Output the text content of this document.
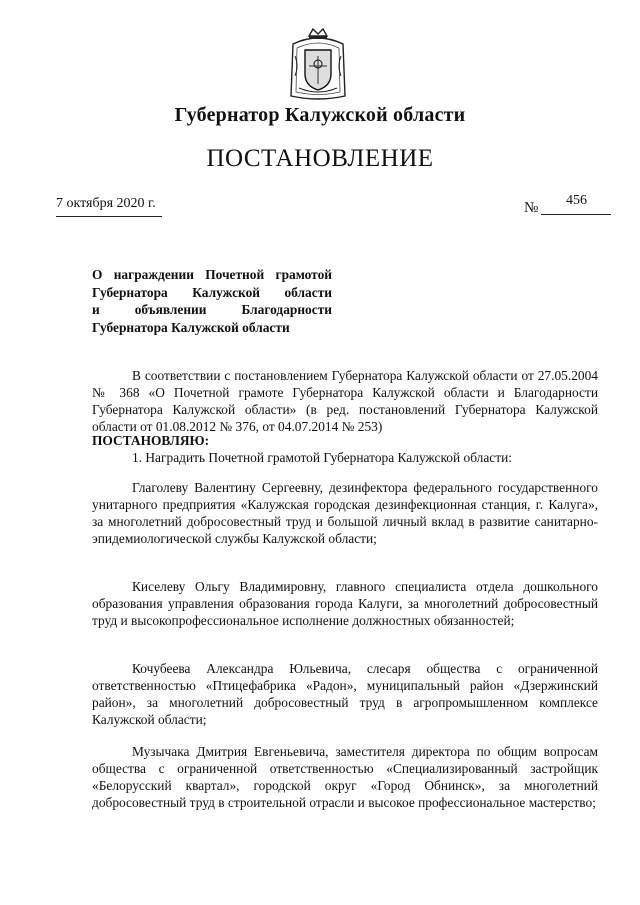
Губернатор Калужской области
ПОСТАНОВЛЕНИЕ
7 октября 2020 г.	№ 456
О награждении Почетной грамотой
Губернатора Калужской области
и объявлении Благодарности
Губернатора Калужской области
В соответствии с постановлением Губернатора Калужской области от 27.05.2004 № 368 «О Почетной грамоте Губернатора Калужской области и Благодарности Губернатора Калужской области» (в ред. постановлений Губернатора Калужской области от 01.08.2012 № 376, от 04.07.2014 № 253)
ПОСТАНОВЛЯЮ:
1. Наградить Почетной грамотой Губернатора Калужской области:
Глаголеву Валентину Сергеевну, дезинфектора федерального государственного унитарного предприятия «Калужская городская дезинфекционная станция, г. Калуга», за многолетний добросовестный труд и большой личный вклад в развитие санитарно-эпидемиологической службы Калужской области;
Киселеву Ольгу Владимировну, главного специалиста отдела дошкольного образования управления образования города Калуги, за многолетний добросовестный труд и высокопрофессиональное исполнение должностных обязанностей;
Кочубеева Александра Юльевича, слесаря общества с ограниченной ответственностью «Птицефабрика «Радон», муниципальный район «Дзержинский район», за многолетний добросовестный труд в агропромышленном комплексе Калужской области;
Музычака Дмитрия Евгеньевича, заместителя директора по общим вопросам общества с ограниченной ответственностью «Специализированный застройщик «Белорусский квартал», городской округ «Город Обнинск», за многолетний добросовестный труд в строительной отрасли и высокое профессиональное мастерство;
